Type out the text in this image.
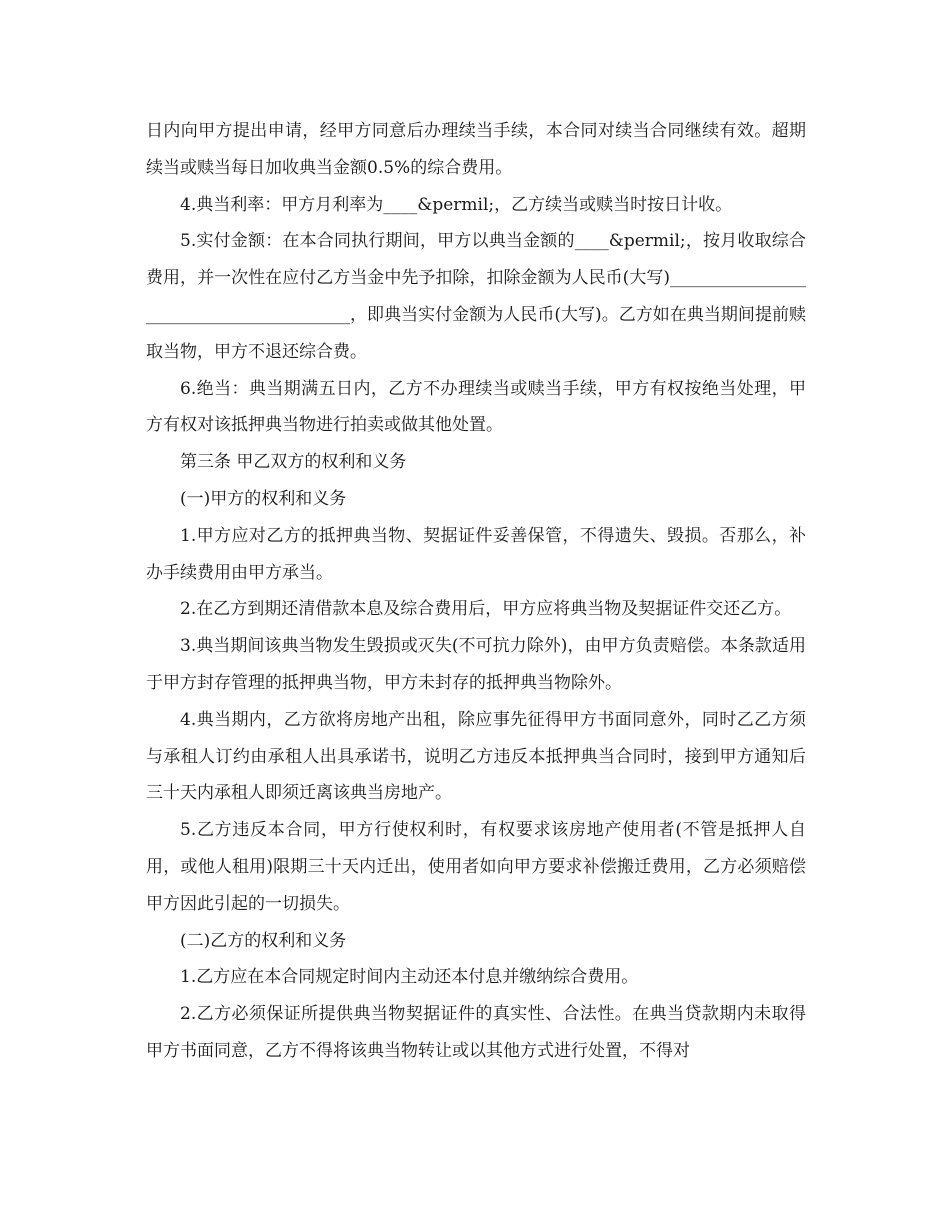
日内向甲方提出申请，经甲方同意后办理续当手续，本合同对续当合同继续有效。超期续当或赎当每日加收典当金额0.5%的综合费用。

4.典当利率：甲方月利率为____&permil;，乙方续当或赎当时按日计收。

5.实付金额：在本合同执行期间，甲方以典当金额的____&permil;，按月收取综合费用，并一次性在应付乙方当金中先予扣除，扣除金额为人民币(大写)________________________________________，即典当实付金额为人民币(大写)。乙方如在典当期间提前赎取当物，甲方不退还综合费。

6.绝当：典当期满五日内，乙方不办理续当或赎当手续，甲方有权按绝当处理，甲方有权对该抵押典当物进行拍卖或做其他处置。

第三条 甲乙双方的权利和义务

(一)甲方的权利和义务

1.甲方应对乙方的抵押典当物、契据证件妥善保管，不得遗失、毁损。否那么，补办手续费用由甲方承当。

2.在乙方到期还清借款本息及综合费用后，甲方应将典当物及契据证件交还乙方。

3.典当期间该典当物发生毁损或灭失(不可抗力除外)，由甲方负责赔偿。本条款适用于甲方封存管理的抵押典当物，甲方未封存的抵押典当物除外。

4.典当期内，乙方欲将房地产出租，除应事先征得甲方书面同意外，同时乙乙方须与承租人订约由承租人出具承诺书，说明乙方违反本抵押典当合同时，接到甲方通知后三十天内承租人即须迁离该典当房地产。

5.乙方违反本合同，甲方行使权利时，有权要求该房地产使用者(不管是抵押人自用，或他人租用)限期三十天内迁出，使用者如向甲方要求补偿搬迁费用，乙方必须赔偿甲方因此引起的一切损失。

(二)乙方的权利和义务

1.乙方应在本合同规定时间内主动还本付息并缴纳综合费用。

2.乙方必须保证所提供典当物契据证件的真实性、合法性。在典当贷款期内未取得甲方书面同意，乙方不得将该典当物转让或以其他方式进行处置，不得对
